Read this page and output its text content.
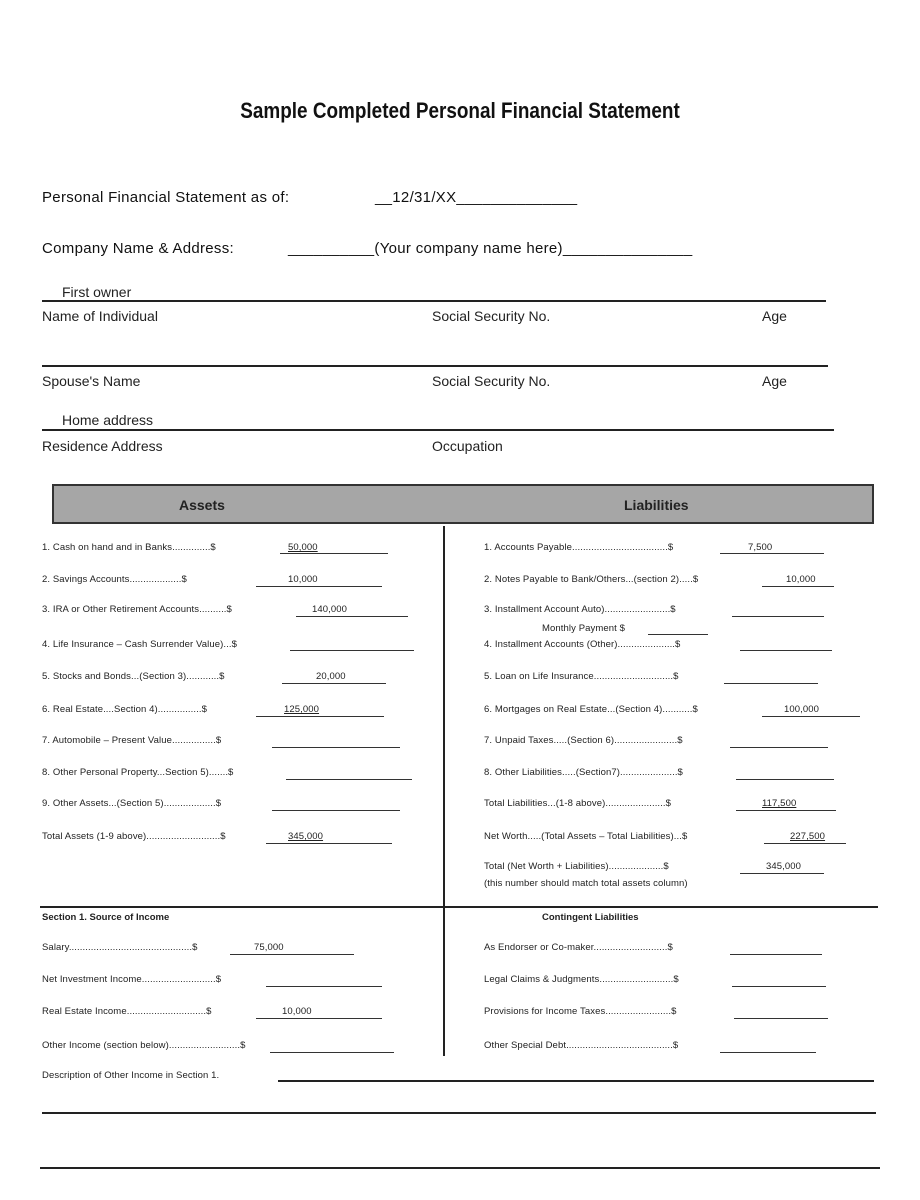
Sample Completed Personal Financial Statement
Personal Financial Statement as of:	__12/31/XX______________
Company Name & Address:	__________(Your company name here)_______________
First owner
Name of Individual	Social Security No.	Age
Spouse's Name	Social Security No.	Age
Home address
Residence Address	Occupation
Assets	Liabilities
1. Cash on hand and in Banks..............$	50,000
2. Savings Accounts...................$	10,000
3. IRA or Other Retirement Accounts..........$	140,000
4. Life Insurance – Cash Surrender Value)...$
5. Stocks and Bonds...(Section 3)............$	20,000
6. Real Estate....Section 4)................$	125,000
7. Automobile – Present Value................$
8. Other Personal Property...Section 5).......$
9. Other Assets...(Section 5)...................$
Total Assets (1-9 above)...........................$	345,000
1. Accounts Payable...................................$	7,500
2. Notes Payable to Bank/Others...(section 2).....$	10,000
3. Installment Account Auto)........................$
Monthly Payment $
4. Installment Accounts (Other).....................$
5. Loan on Life Insurance.............................$
6. Mortgages on Real Estate...(Section 4)...........$	100,000
7. Unpaid Taxes.....(Section 6).......................$
8. Other Liabilities.....(Section7).....................$
Total Liabilities...(1-8 above)......................$	117,500
Net Worth.....(Total Assets – Total Liabilities)...$	227,500
Total (Net Worth + Liabilities)....................$	345,000
(this number should match total assets column)
Section 1. Source of Income
Salary.............................................$	75,000
Net Investment Income...........................$
Real Estate Income.............................$	10,000
Other Income (section below)..........................$
Contingent Liabilities
As Endorser or Co-maker...........................$
Legal Claims & Judgments...........................$
Provisions for Income Taxes........................$
Other Special Debt.......................................$
Description of Other Income in Section 1.
